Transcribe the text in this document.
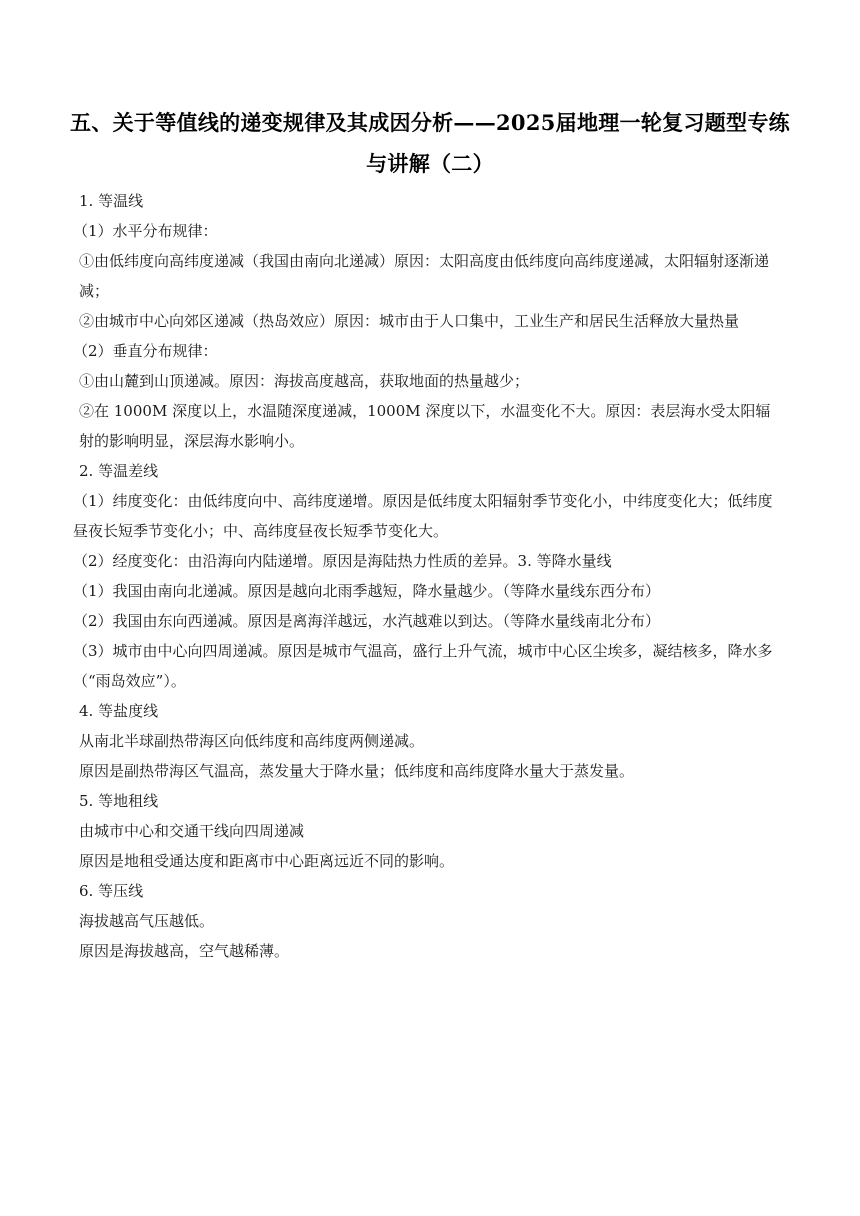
五、关于等值线的递变规律及其成因分析——2025届地理一轮复习题型专练与讲解（二）

1. 等温线

（1）水平分布规律：

①由低纬度向高纬度递减（我国由南向北递减）原因：太阳高度由低纬度向高纬度递减，太阳辐射逐渐递减；

②由城市中心向郊区递减（热岛效应）原因：城市由于人口集中，工业生产和居民生活释放大量热量

（2）垂直分布规律：

①由山麓到山顶递减。原因：海拔高度越高，获取地面的热量越少；

②在 1000M 深度以上，水温随深度递减，1000M 深度以下，水温变化不大。原因：表层海水受太阳辐射的影响明显，深层海水影响小。

2. 等温差线

（1）纬度变化：由低纬度向中、高纬度递增。原因是低纬度太阳辐射季节变化小，中纬度变化大；低纬度昼夜长短季节变化小；中、高纬度昼夜长短季节变化大。

（2）经度变化：由沿海向内陆递增。原因是海陆热力性质的差异。3. 等降水量线

（1）我国由南向北递减。原因是越向北雨季越短，降水量越少。（等降水量线东西分布）

（2）我国由东向西递减。原因是离海洋越远，水汽越难以到达。（等降水量线南北分布）

（3）城市由中心向四周递减。原因是城市气温高，盛行上升气流，城市中心区尘埃多，凝结核多，降水多（“雨岛效应”）。

4. 等盐度线

从南北半球副热带海区向低纬度和高纬度两侧递减。

原因是副热带海区气温高，蒸发量大于降水量；低纬度和高纬度降水量大于蒸发量。

5. 等地租线

由城市中心和交通干线向四周递减

原因是地租受通达度和距离市中心距离远近不同的影响。

6. 等压线

海拔越高气压越低。

原因是海拔越高，空气越稀薄。
